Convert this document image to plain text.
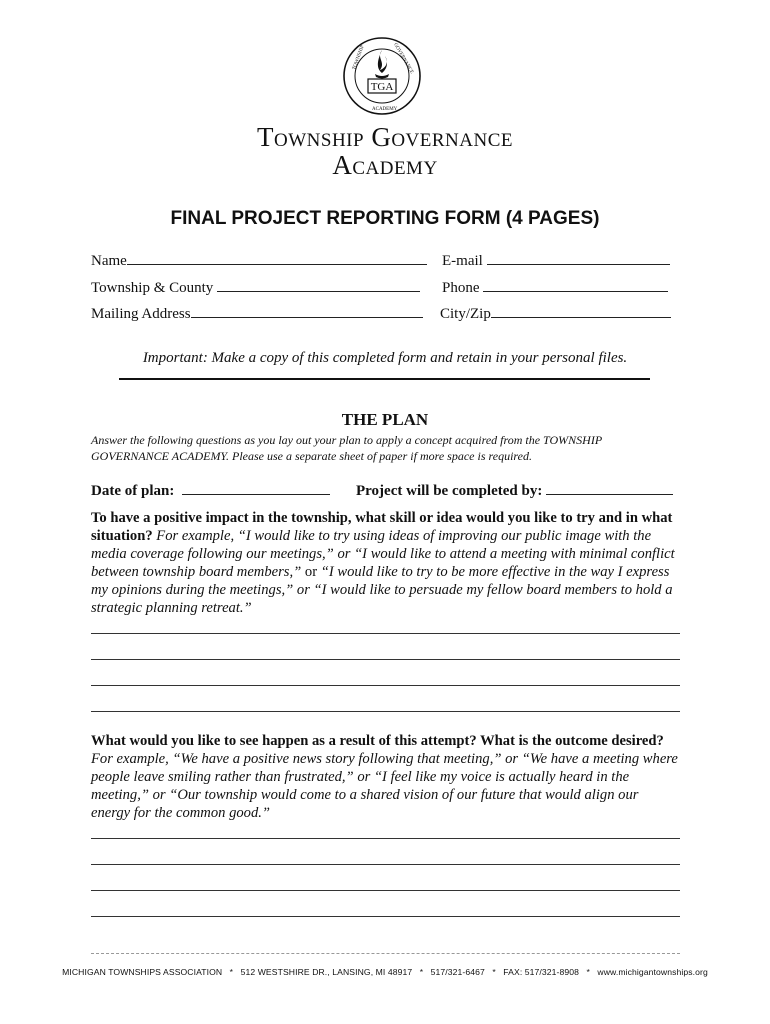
TGA
TOWNSHIP	GOVERNANCE
ACADEMY
Township Governance
Academy
FINAL PROJECT REPORTING FORM (4 PAGES)
Name	E-mail
Township & County	Phone
Mailing Address	City/Zip
Important: Make a copy of this completed form and retain in your personal files.
THE PLAN
Answer the following questions as you lay out your plan to apply a concept acquired from the TOWNSHIP GOVERNANCE ACADEMY. Please use a separate sheet of paper if more space is required.
Date of plan:	Project will be completed by:
To have a positive impact in the township, what skill or idea would you like to try and in what situation? For example, “I would like to try using ideas of improving our public image with the media coverage following our meetings,” or “I would like to attend a meeting with minimal conflict between township board members,” or “I would like to try to be more effective in the way I express my opinions during the meetings,” or “I would like to persuade my fellow board members to hold a strategic planning retreat.”
What would you like to see happen as a result of this attempt? What is the outcome desired? For example, “We have a positive news story following that meeting,” or “We have a meeting where people leave smiling rather than frustrated,” or “I feel like my voice is actually heard in the meeting,” or “Our township would come to a shared vision of our future that would align our energy for the common good.”
MICHIGAN TOWNSHIPS ASSOCIATION   *   512 WESTSHIRE DR., LANSING, MI 48917   *   517/321-6467   *   FAX: 517/321-8908   *   www.michigantownships.org
